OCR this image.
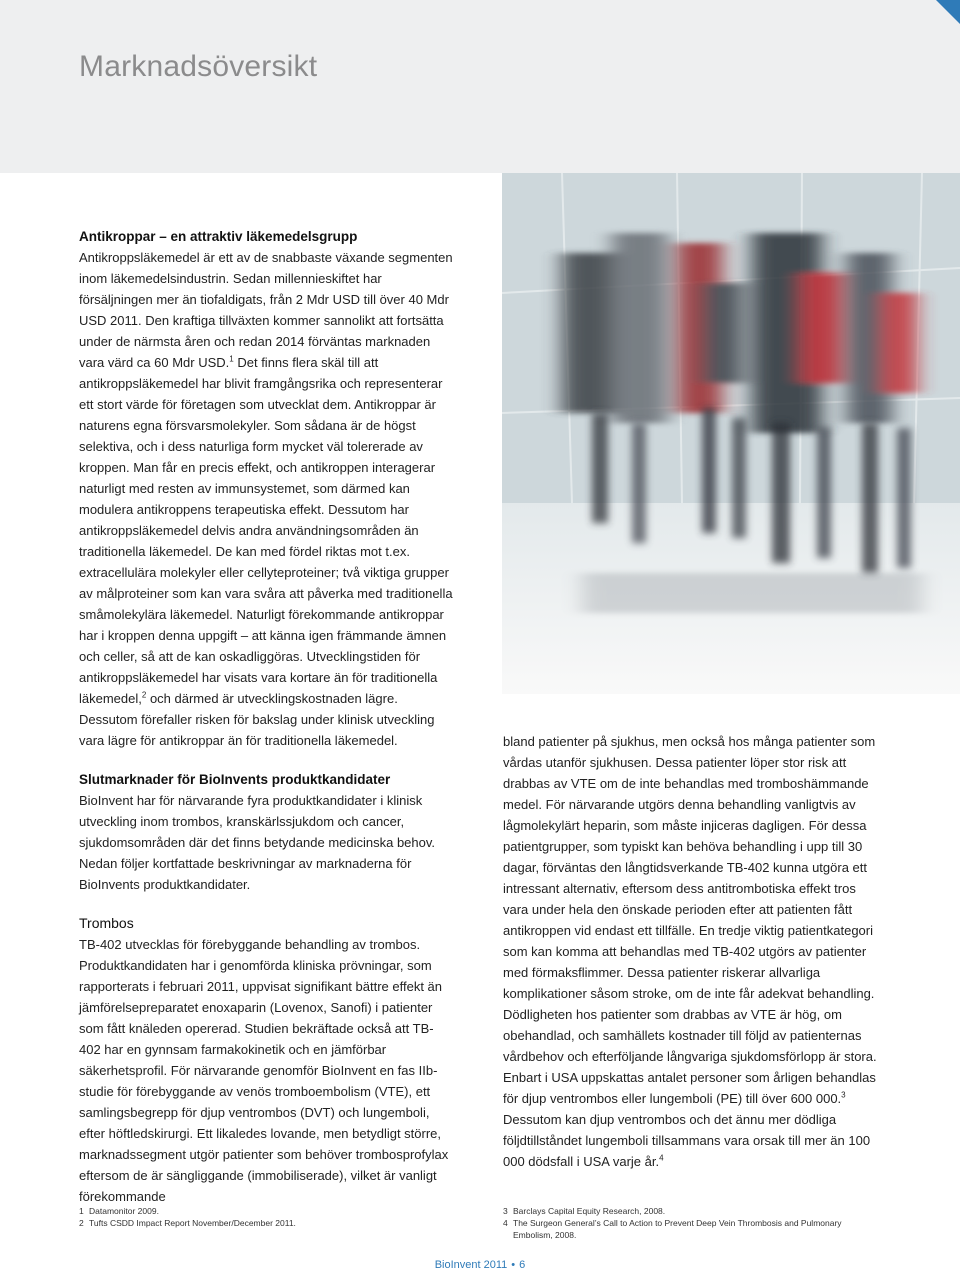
Marknadsöversikt

Antikroppar – en attraktiv läkemedelsgrupp

Antikroppsläkemedel är ett av de snabbaste växande segmenten inom läkemedelsindustrin. Sedan millennieskiftet har försäljningen mer än tiofaldigats, från 2 Mdr USD till över 40 Mdr USD 2011. Den kraftiga tillväxten kommer sannolikt att fortsätta under de närmsta åren och redan 2014 förväntas marknaden vara värd ca 60 Mdr USD.$^1$ Det finns flera skäl till att antikroppsläkemedel har blivit framgångsrika och representerar ett stort värde för företagen som utvecklat dem. Antikroppar är naturens egna försvarsmolekyler. Som sådana är de högst selektiva, och i dess naturliga form mycket väl tolererade av kroppen. Man får en precis effekt, och antikroppen interagerar naturligt med resten av immunsystemet, som därmed kan modulera antikroppens terapeutiska effekt. Dessutom har antikroppsläkemedel delvis andra användningsområden än traditionella läkemedel. De kan med fördel riktas mot t.ex. extracellulära molekyler eller cellyteproteiner; två viktiga grupper av målproteiner som kan vara svåra att påverka med traditionella småmolekylära läkemedel. Naturligt förekommande antikroppar har i kroppen denna uppgift – att känna igen främmande ämnen och celler, så att de kan oskadliggöras. Utvecklingstiden för antikroppsläkemedel har visats vara kortare än för traditionella läkemedel,$^2$ och därmed är utvecklingskostnaden lägre. Dessutom förefaller risken för bakslag under klinisk utveckling vara lägre för antikroppar än för traditionella läkemedel.

Slutmarknader för BioInvents produktkandidater

BioInvent har för närvarande fyra produktkandidater i klinisk utveckling inom trombos, kranskärlssjukdom och cancer, sjukdomsområden där det finns betydande medicinska behov. Nedan följer kortfattade beskrivningar av marknaderna för BioInvents produktkandidater.

Trombos

TB-402 utvecklas för förebyggande behandling av trombos. Produktkandidaten har i genomförda kliniska prövningar, som rapporterats i februari 2011, uppvisat signifikant bättre effekt än jämförelsepreparatet enoxaparin (Lovenox, Sanofi) i patienter som fått knäleden opererad. Studien bekräftade också att TB-402 har en gynnsam farmakokinetik och en jämförbar säkerhetsprofil. För närvarande genomför BioInvent en fas IIb-studie för förebyggande av venös tromboembolism (VTE), ett samlingsbegrepp för djup ventrombos (DVT) och lungemboli, efter höftledskirurgi. Ett likaledes lovande, men betydligt större, marknadssegment utgör patienter som behöver trombosprofylax eftersom de är sängliggande (immobiliserade), vilket är vanligt förekommande

bland patienter på sjukhus, men också hos många patienter som vårdas utanför sjukhusen. Dessa patienter löper stor risk att drabbas av VTE om de inte behandlas med tromboshämmande medel. För närvarande utgörs denna behandling vanligtvis av lågmolekylärt heparin, som måste injiceras dagligen. För dessa patientgrupper, som typiskt kan behöva behandling i upp till 30 dagar, förväntas den långtidsverkande TB-402 kunna utgöra ett intressant alternativ, eftersom dess antitrombotiska effekt tros vara under hela den önskade perioden efter att patienten fått antikroppen vid endast ett tillfälle. En tredje viktig patientkategori som kan komma att behandlas med TB-402 utgörs av patienter med förmaksflimmer. Dessa patienter riskerar allvarliga komplikationer såsom stroke, om de inte får adekvat behandling. Dödligheten hos patienter som drabbas av VTE är hög, om obehandlad, och samhällets kostnader till följd av patienternas vårdbehov och efterföljande långvariga sjukdomsförlopp är stora. Enbart i USA uppskattas antalet personer som årligen behandlas för djup ventrombos eller lungemboli (PE) till över 600 000.$^3$ Dessutom kan djup ventrombos och det ännu mer dödliga följdtillståndet lungemboli tillsammans vara orsak till mer än 100 000 dödsfall i USA varje år.$^4$

1 Datamonitor 2009.
2 Tufts CSDD Impact Report November/December 2011.
3 Barclays Capital Equity Research, 2008.
4 The Surgeon General’s Call to Action to Prevent Deep Vein Thrombosis and Pulmonary Embolism, 2008.
BioInvent 2011 • 6
